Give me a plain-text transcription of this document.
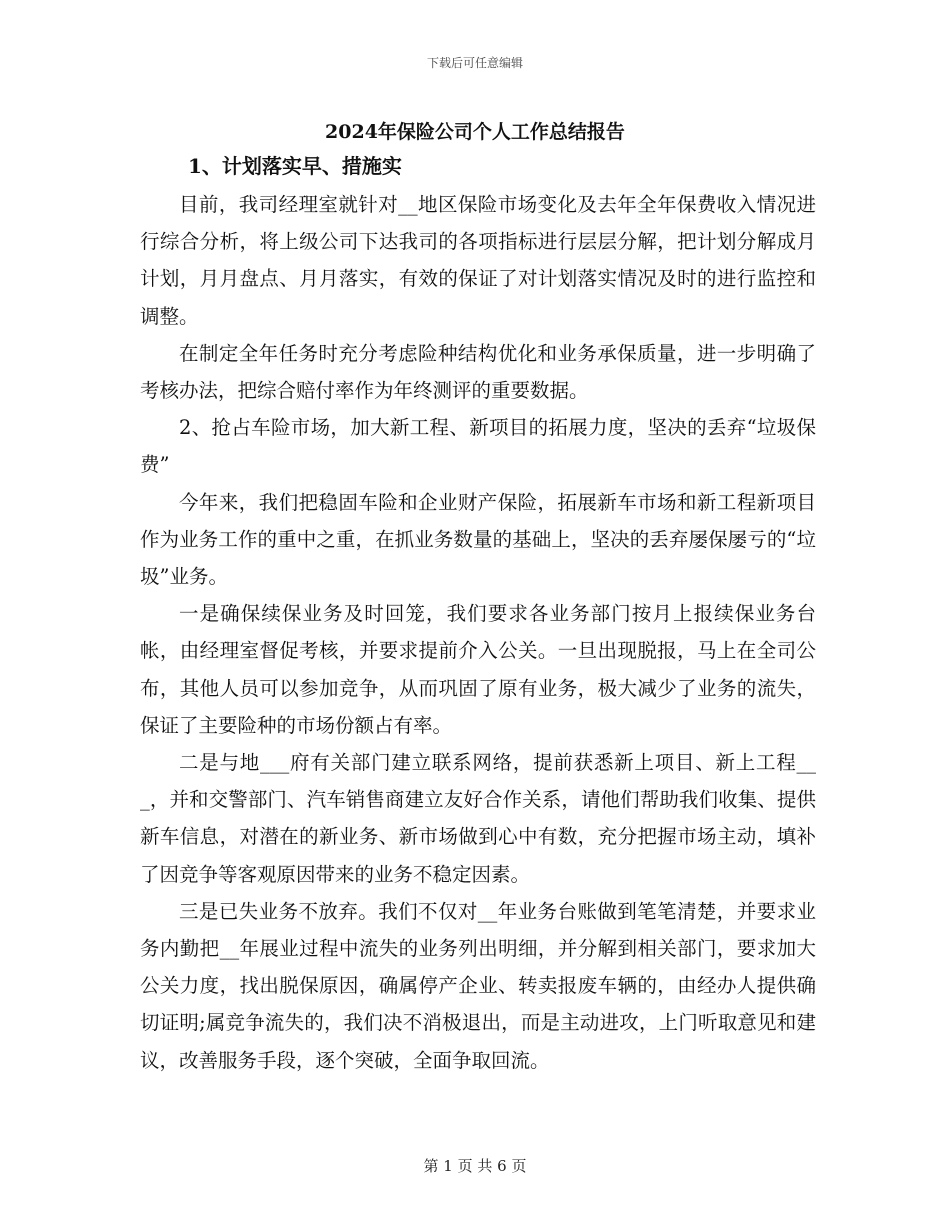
下载后可任意编辑
2024年保险公司个人工作总结报告
1、计划落实早、措施实

目前，我司经理室就针对__地区保险市场变化及去年全年保费收入情况进行综合分析，将上级公司下达我司的各项指标进行层层分解，把计划分解成月计划，月月盘点、月月落实，有效的保证了对计划落实情况及时的进行监控和调整。

在制定全年任务时充分考虑险种结构优化和业务承保质量，进一步明确了考核办法，把综合赔付率作为年终测评的重要数据。

2、抢占车险市场，加大新工程、新项目的拓展力度，坚决的丢弃“垃圾保费”

今年来，我们把稳固车险和企业财产保险，拓展新车市场和新工程新项目作为业务工作的重中之重，在抓业务数量的基础上，坚决的丢弃屡保屡亏的“垃圾”业务。

一是确保续保业务及时回笼，我们要求各业务部门按月上报续保业务台帐，由经理室督促考核，并要求提前介入公关。一旦出现脱报，马上在全司公布，其他人员可以参加竞争，从而巩固了原有业务，极大减少了业务的流失，保证了主要险种的市场份额占有率。

二是与地___府有关部门建立联系网络，提前获悉新上项目、新上工程___，并和交警部门、汽车销售商建立友好合作关系，请他们帮助我们收集、提供新车信息，对潜在的新业务、新市场做到心中有数，充分把握市场主动，填补了因竞争等客观原因带来的业务不稳定因素。

三是已失业务不放弃。我们不仅对__年业务台账做到笔笔清楚，并要求业务内勤把__年展业过程中流失的业务列出明细，并分解到相关部门，要求加大公关力度，找出脱保原因，确属停产企业、转卖报废车辆的，由经办人提供确切证明;属竞争流失的，我们决不消极退出，而是主动进攻，上门听取意见和建议，改善服务手段，逐个突破，全面争取回流。

第 1 页 共 6 页
